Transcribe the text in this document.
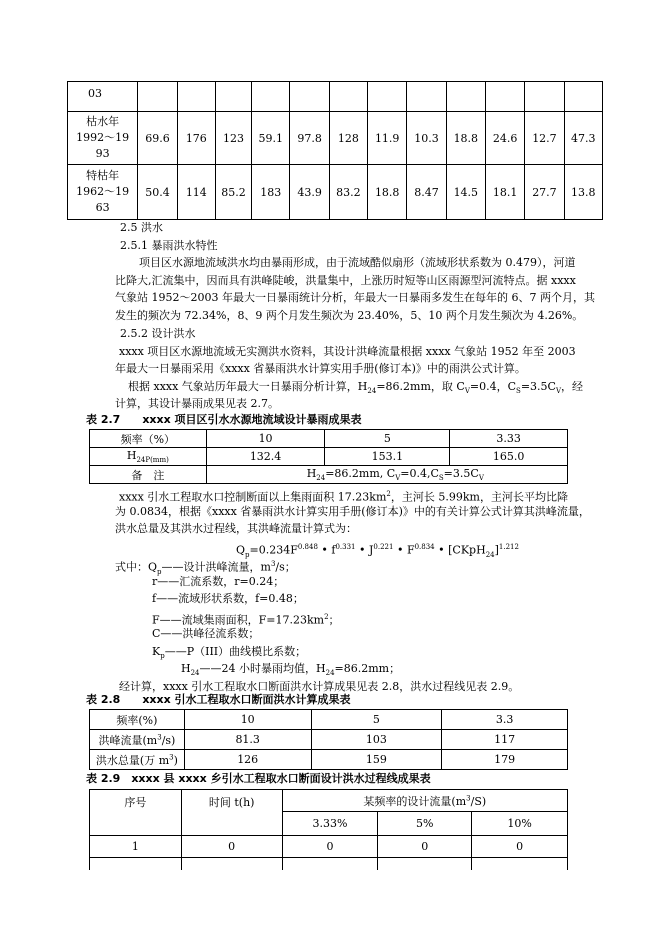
03												

枯水年
1992～19
93	69.6	176	123	59.1	97.8	128	11.9	10.3	18.8	24.6	12.7	47.3

特枯年
1962～19
63	50.4	114	85.2	183	43.9	83.2	18.8	8.47	14.5	18.1	27.7	13.8
2.5 洪水
2.5.1 暴雨洪水特性
项目区水源地流域洪水均由暴雨形成，由于流域酷似扇形（流域形状系数为 0.479），河道
比降大,汇流集中，因而具有洪峰陡峻，洪量集中，上涨历时短等山区雨源型河流特点。据 xxxx
气象站 1952～2003 年最大一日暴雨统计分析，年最大一日暴雨多发生在每年的 6、7 两个月，其
发生的频次为 72.34%，8、9 两个月发生频次为 23.40%，5、10 两个月发生频次为 4.26%。
2.5.2 设计洪水
xxxx 项目区水源地流域无实测洪水资料，其设计洪峰流量根据 xxxx 气象站 1952 年至 2003
年最大一日暴雨采用《xxxx 省暴雨洪水计算实用手册(修订本)》中的雨洪公式计算。
根据 xxxx 气象站历年最大一日暴雨分析计算，$H_{24}=86.2mm$，取 $C_V=0.4$，$C_S=3.5C_V$，经
计算，其设计暴雨成果见表 2.7。
表 2.7　　xxxx 项目区引水水源地流域设计暴雨成果表
频率（%）	10	5	3.33
$H_{24P(mm)}$	132.4	153.1	165.0
备　注	$H_{24}=86.2mm$, $C_V=0.4,C_S=3.5C_V$
xxxx 引水工程取水口控制断面以上集雨面积 $17.23km^2$，主河长 5.99km，主河长平均比降
为 0.0834，根据《xxxx 省暴雨洪水计算实用手册(修订本)》中的有关计算公式计算其洪峰流量，
洪水总量及其洪水过程线，其洪峰流量计算式为：
$Q_p=0.234F^{0.848}$ • $f^{0.331}$ • $J^{0.221}$ • $F^{0.834}$ • [CKpH$_{24}$]$^{1.212}$
式中：$Q_p——$设计洪峰流量，$m^3/s$；
r——汇流系数，r=0.24；
f——流域形状系数，f=0.48；
F——流域集雨面积，$F=17.23km^2$；
C——洪峰径流系数；
$K_p——P(III)$曲线模比系数；
$H_{24}——24$ 小时暴雨均值，$H_{24}=86.2mm$；
经计算，xxxx 引水工程取水口断面洪水计算成果见表 2.8，洪水过程线见表 2.9。
表 2.8　　xxxx 引水工程取水口断面洪水计算成果表
频率(%)	10	5	3.3
洪峰流量$(m^3/s)$	81.3	103	117
洪水总量(万 $m^3$)	126	159	179
表 2.9　xxxx 县 xxxx 乡引水工程取水口断面设计洪水过程线成果表
序号	时间 t(h)	某频率的设计流量$(m^3/S)$		
		3.33%	5%	10%
1	0	0	0	0
